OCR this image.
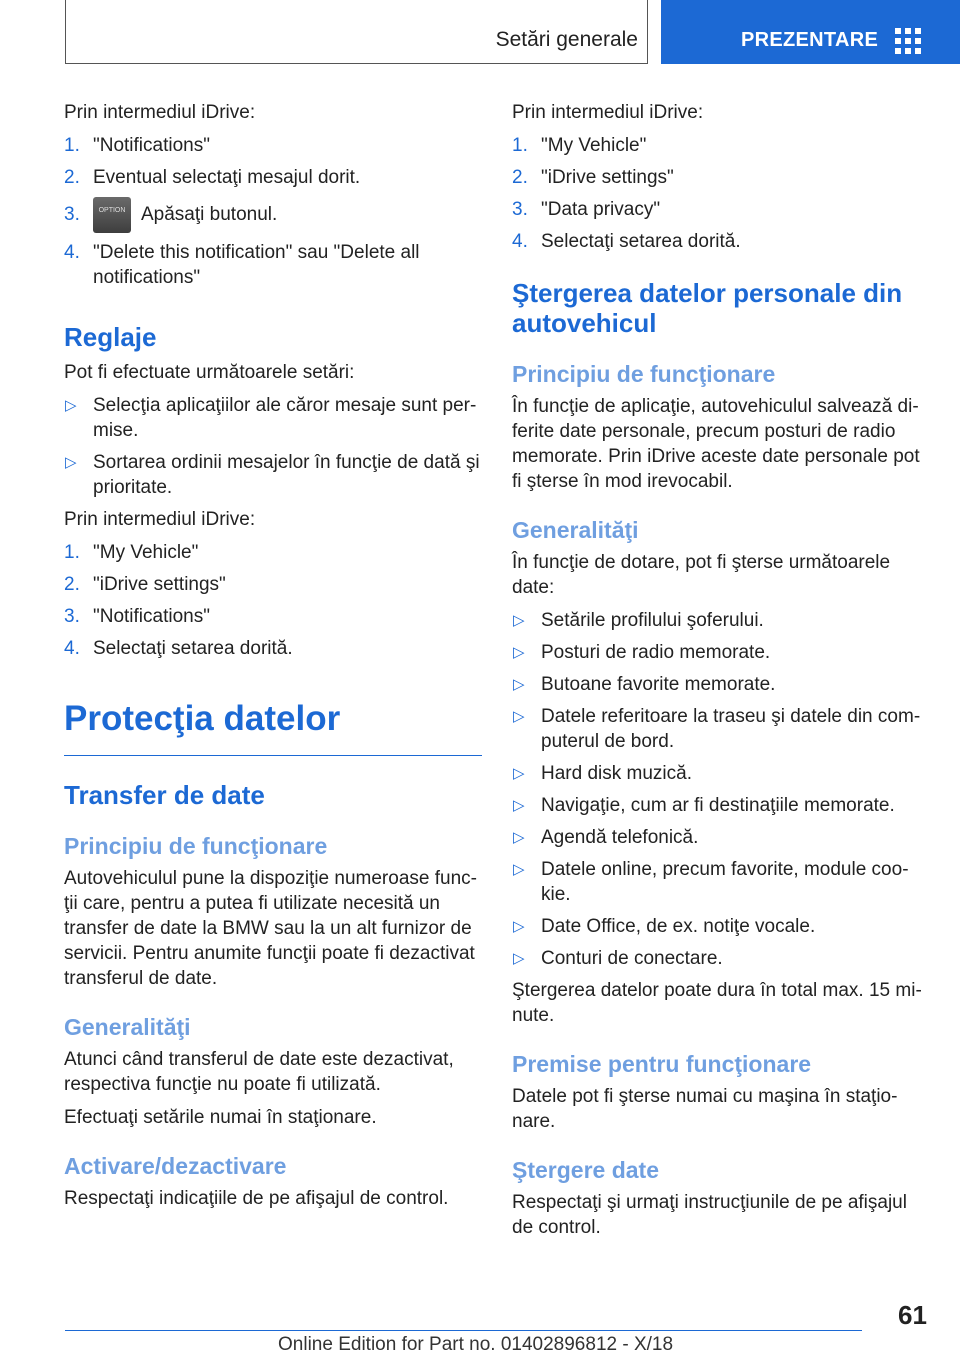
Setări generale	PREZENTARE

Prin intermediul iDrive:

1. "Notifications"
2. Eventual selectaţi mesajul dorit.
3.	OPTION Apăsaţi butonul.
4. "Delete this notification" sau "Delete all notifications"
Reglaje

Pot fi efectuate următoarele setări:

▷ Selecţia aplicaţiilor ale căror mesaje sunt permise.
▷ Sortarea ordinii mesajelor în funcţie de dată şi prioritate.

Prin intermediul iDrive:

1. "My Vehicle"
2. "iDrive settings"
3. "Notifications"
4. Selectaţi setarea dorită.
Protecţia datelor
Transfer de date
Principiu de funcţionare

Autovehiculul pune la dispoziţie numeroase funcţii care, pentru a putea fi utilizate necesită un transfer de date la BMW sau la un alt furnizor de servicii. Pentru anumite funcţii poate fi dezactivat transferul de date.

Generalităţi

Atunci când transferul de date este dezactivat, respectiva funcţie nu poate fi utilizată.

Efectuaţi setările numai în staţionare.

Activare/dezactivare

Respectaţi indicaţiile de pe afişajul de control.

Prin intermediul iDrive:

1. "My Vehicle"
2. "iDrive settings"
3. "Data privacy"
4. Selectaţi setarea dorită.
Ştergerea datelor personale din autovehicul
Principiu de funcţionare

În funcţie de aplicaţie, autovehiculul salvează diferite date personale, precum posturi de radio memorate. Prin iDrive aceste date personale pot fi şterse în mod irevocabil.

Generalităţi

În funcţie de dotare, pot fi şterse următoarele date:

▷ Setările profilului şoferului.
▷ Posturi de radio memorate.
▷ Butoane favorite memorate.
▷ Datele referitoare la traseu şi datele din computerul de bord.
▷ Hard disk muzică.
▷ Navigaţie, cum ar fi destinaţiile memorate.
▷ Agendă telefonică.
▷ Datele online, precum favorite, module cookie.
▷ Date Office, de ex. notiţe vocale.
▷ Conturi de conectare.

Ştergerea datelor poate dura în total max. 15 minute.

Premise pentru funcţionare

Datele pot fi şterse numai cu maşina în staţionare.

Ştergere date

Respectaţi şi urmaţi instrucţiunile de pe afişajul de control.

61
Online Edition for Part no. 01402896812 - X/18
